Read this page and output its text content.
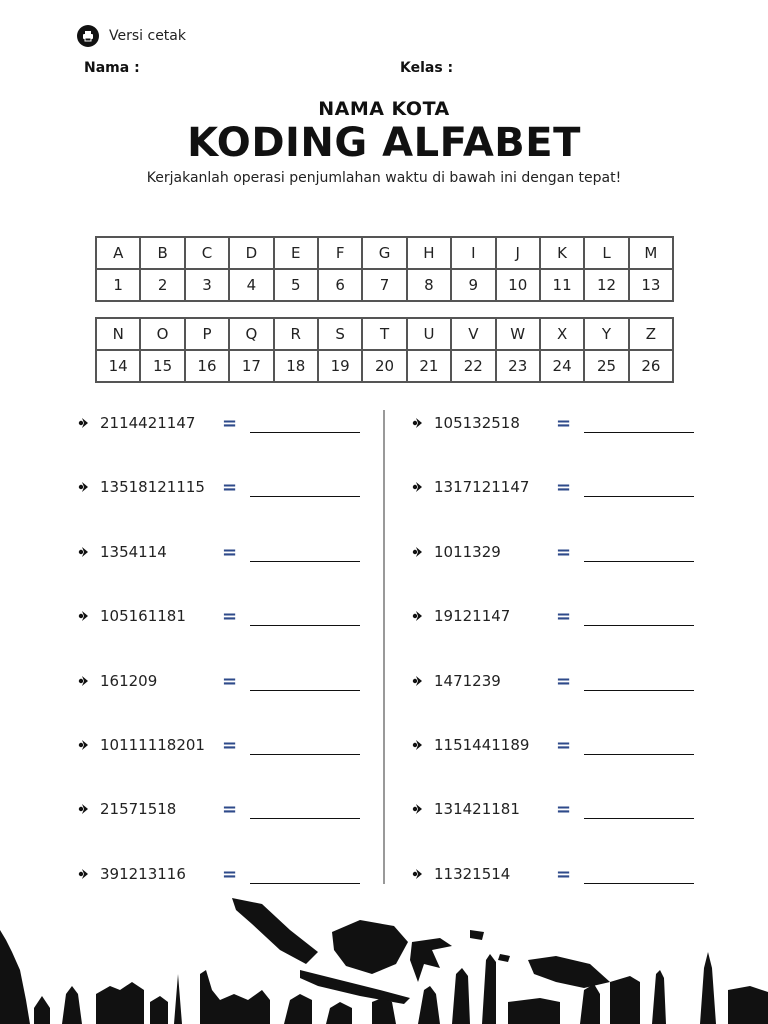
Versi cetak
Nama :	Kelas :
NAMA KOTA
KODING ALFABET
Kerjakanlah operasi penjumlahan waktu di bawah ini dengan tepat!
A	B	C	D	E	F	G	H	I	J	K	L	M
1	2	3	4	5	6	7	8	9	10	11	12	13
N	O	P	Q	R	S	T	U	V	W	X	Y	Z
14	15	16	17	18	19	20	21	22	23	24	25	26
2114421147 =
13518121115 =
1354114	=
105161181 =
161209	=
10111118201 =
21571518	=
391213116 =
105132518 =
1317121147 =
1011329	=
19121147	=
1471239	=
1151441189 =
131421181 =
11321514	=
